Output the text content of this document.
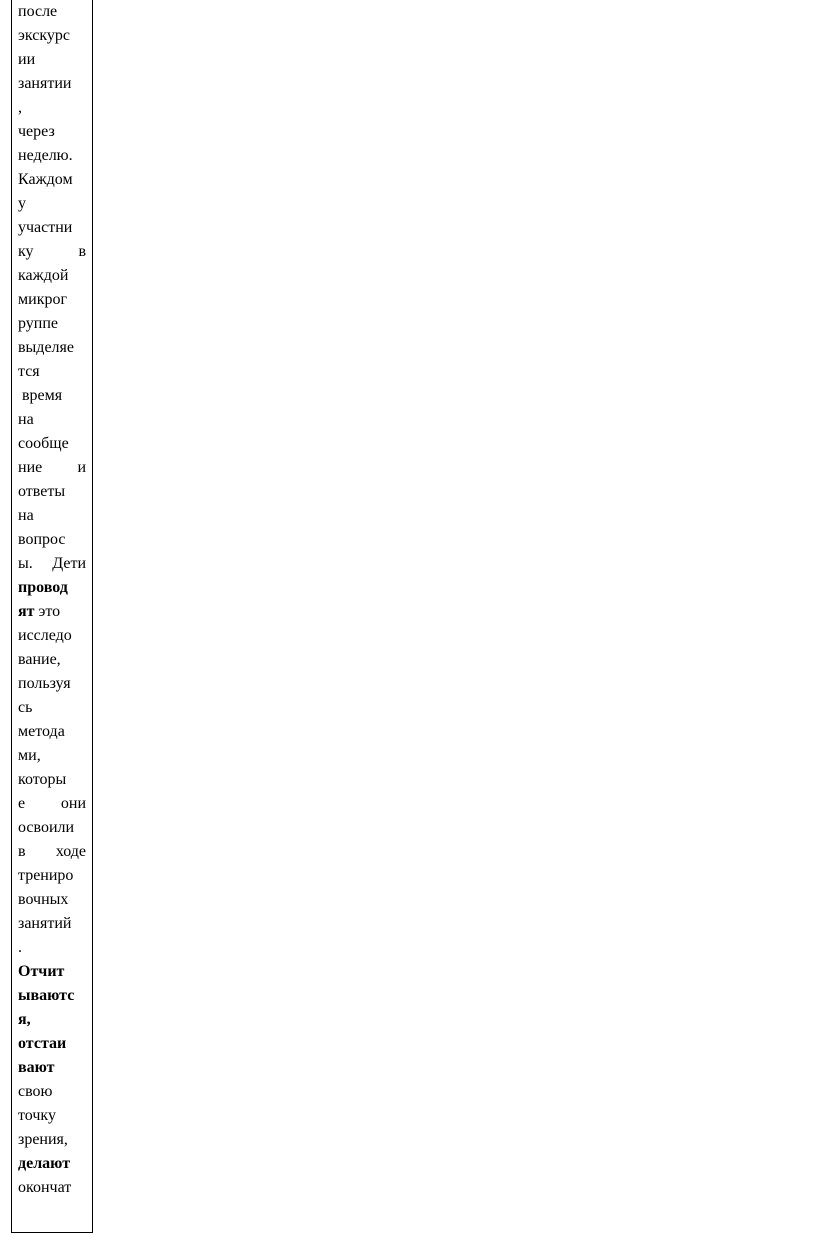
после
экскурс
ии
занятии
,
через
неделю.
Каждом
у
участни
ку	в
каждой
микрог
руппе
выделяе
тся
время
на
сообще
ние и
ответы
на
вопрос
ы. Дети
провод
ят это
исследо
вание,
пользуя
сь
метода
ми,
которы
е они
освоили
в ходе
трениро
вочных
занятий
.
Отчит
ываютс
я,
отстаи
вают
свою
точку
зрения,
делают
окончат
